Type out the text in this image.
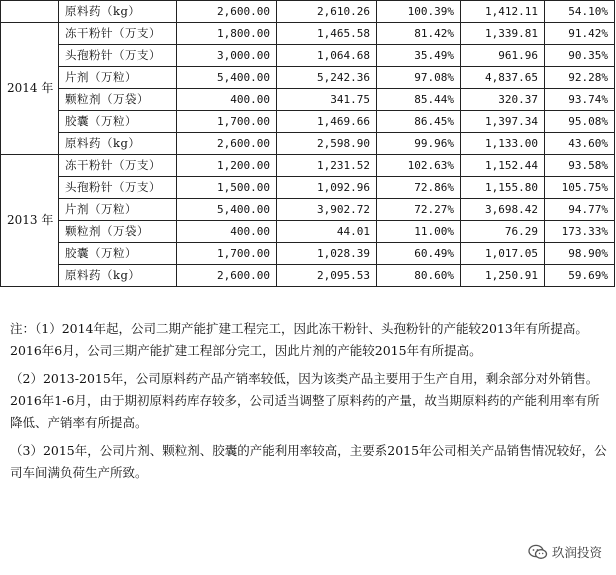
	原料药（kg）	2,600.00	2,610.26	100.39%	1,412.11	54.10%
2014 年	冻干粉针（万支）	1,800.00	1,465.58	81.42%	1,339.81	91.42%
	头孢粉针（万支）	3,000.00	1,064.68	35.49%	961.96	90.35%
	片剂（万粒）	5,400.00	5,242.36	97.08%	4,837.65	92.28%
	颗粒剂（万袋）	400.00	341.75	85.44%	320.37	93.74%
	胶囊（万粒）	1,700.00	1,469.66	86.45%	1,397.34	95.08%
	原料药（kg）	2,600.00	2,598.90	99.96%	1,133.00	43.60%
2013 年	冻干粉针（万支）	1,200.00	1,231.52	102.63%	1,152.44	93.58%
	头孢粉针（万支）	1,500.00	1,092.96	72.86%	1,155.80	105.75%
	片剂（万粒）	5,400.00	3,902.72	72.27%	3,698.42	94.77%
	颗粒剂（万袋）	400.00	44.01	11.00%	76.29	173.33%
	胶囊（万粒）	1,700.00	1,028.39	60.49%	1,017.05	98.90%
	原料药（kg）	2,600.00	2,095.53	80.60%	1,250.91	59.69%

注：（1）2014年起，公司二期产能扩建工程完工，因此冻干粉针、头孢粉针的产能较2013年有所提高。2016年6月，公司三期产能扩建工程部分完工，因此片剂的产能较2015年有所提高。

（2）2013-2015年，公司原料药产品产销率较低，因为该类产品主要用于生产自用，剩余部分对外销售。2016年1-6月，由于期初原料药库存较多，公司适当调整了原料药的产量，故当期原料药的产能利用率有所降低、产销率有所提高。

（3）2015年，公司片剂、颗粒剂、胶囊的产能利用率较高，主要系2015年公司相关产品销售情况较好，公司车间满负荷生产所致。

玖润投资
